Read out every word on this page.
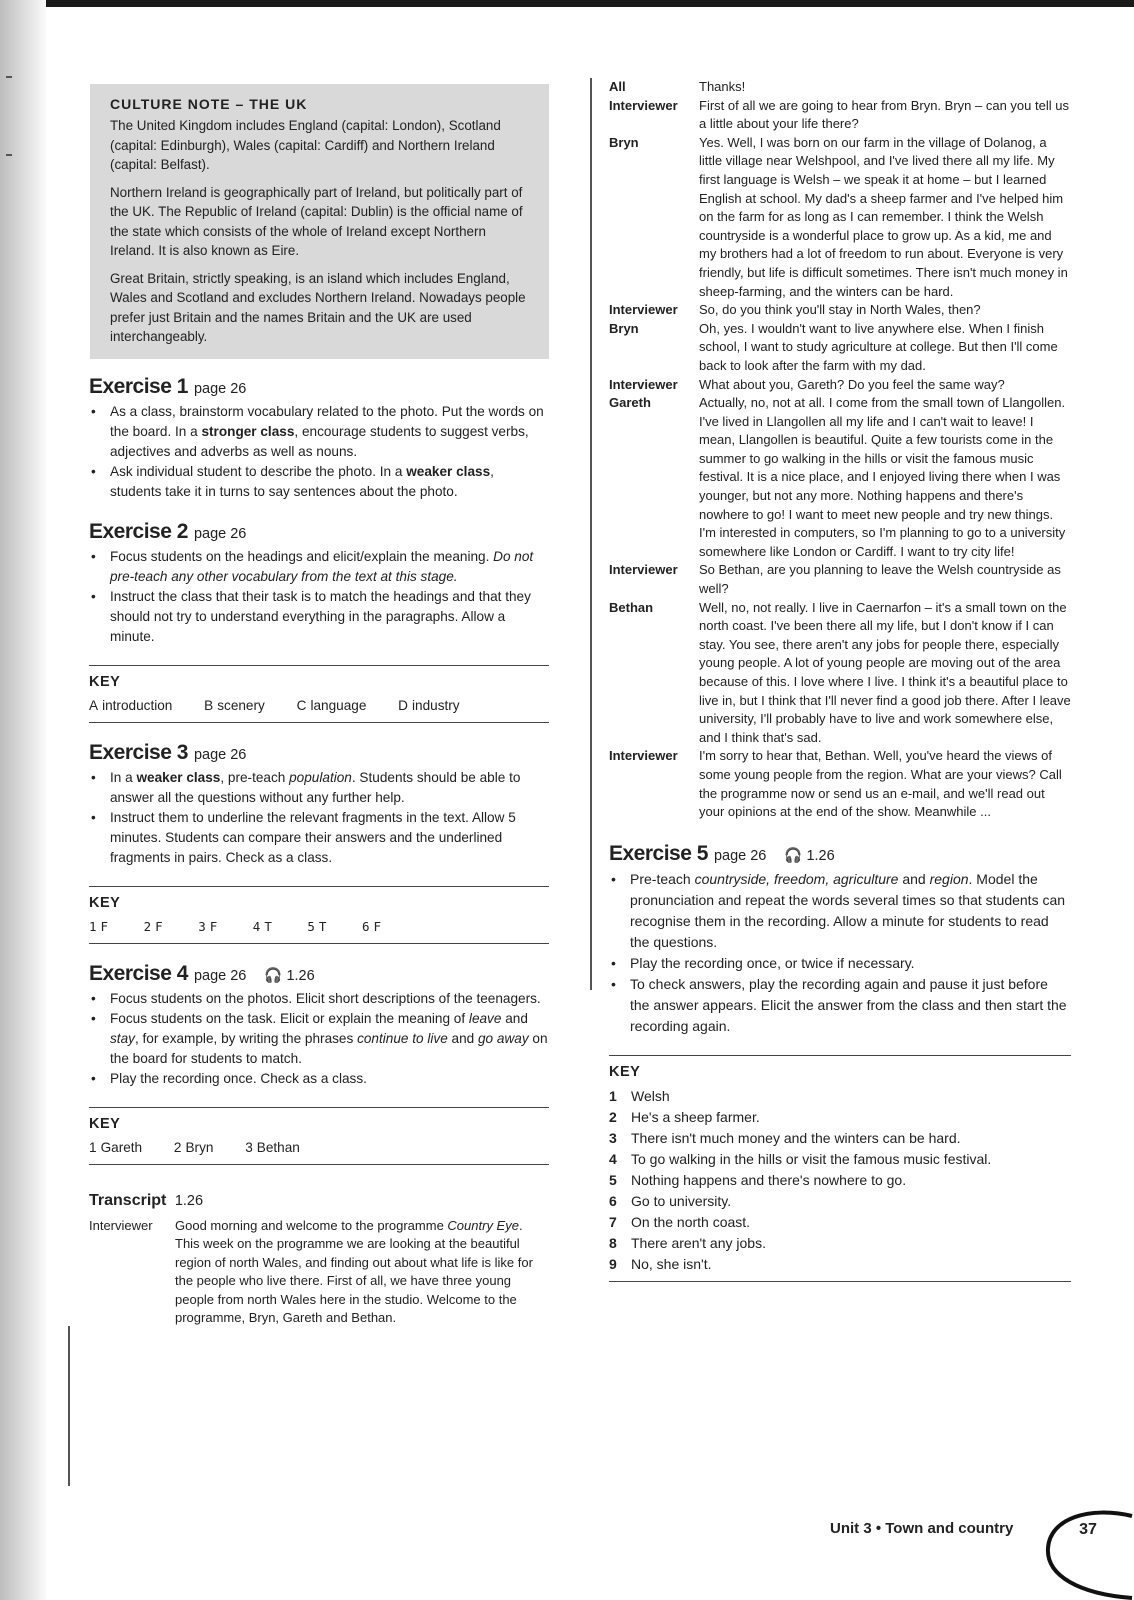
CULTURE NOTE – THE UK

The United Kingdom includes England (capital: London), Scotland (capital: Edinburgh), Wales (capital: Cardiff) and Northern Ireland (capital: Belfast).

Northern Ireland is geographically part of Ireland, but politically part of the UK. The Republic of Ireland (capital: Dublin) is the official name of the state which consists of the whole of Ireland except Northern Ireland. It is also known as Eire.

Great Britain, strictly speaking, is an island which includes England, Wales and Scotland and excludes Northern Ireland. Nowadays people prefer just Britain and the names Britain and the UK are used interchangeably.

Exercise 1 page 26
• As a class, brainstorm vocabulary related to the photo. Put the words on the board. In a stronger class, encourage students to suggest verbs, adjectives and adverbs as well as nouns.
• Ask individual student to describe the photo. In a weaker class, students take it in turns to say sentences about the photo.
Exercise 2 page 26
• Focus students on the headings and elicit/explain the meaning. Do not pre-teach any other vocabulary from the text at this stage.
• Instruct the class that their task is to match the headings and that they should not try to understand everything in the paragraphs. Allow a minute.
KEY
A introduction B scenery C language D industry
Exercise 3 page 26
• In a weaker class, pre-teach population. Students should be able to answer all the questions without any further help.
• Instruct them to underline the relevant fragments in the text. Allow 5 minutes. Students can compare their answers and the underlined fragments in pairs. Check as a class.
KEY
1 F	2 F	3 F	4 T	5 T	6 F
Exercise 4 page 26 🎧 1.26
• Focus students on the photos. Elicit short descriptions of the teenagers.
• Focus students on the task. Elicit or explain the meaning of leave and stay, for example, by writing the phrases continue to live and go away on the board for students to match.
• Play the recording once. Check as a class.
KEY
1 Gareth 2 Bryn 3 Bethan
Transcript 1.26
Interviewer	Good morning and welcome to the programme Country Eye. This week on the programme we are looking at the beautiful region of north Wales, and finding out about what life is like for the people who live there. First of all, we have three young people from north Wales here in the studio. Welcome to the programme, Bryn, Gareth and Bethan.
All	Thanks!
Interviewer	First of all we are going to hear from Bryn. Bryn – can you tell us a little about your life there?
Bryn	Yes. Well, I was born on our farm in the village of Dolanog, a little village near Welshpool, and I've lived there all my life. My first language is Welsh – we speak it at home – but I learned English at school. My dad's a sheep farmer and I've helped him on the farm for as long as I can remember. I think the Welsh countryside is a wonderful place to grow up. As a kid, me and my brothers had a lot of freedom to run about. Everyone is very friendly, but life is difficult sometimes. There isn't much money in sheep-farming, and the winters can be hard.
Interviewer	So, do you think you'll stay in North Wales, then?
Bryn	Oh, yes. I wouldn't want to live anywhere else. When I finish school, I want to study agriculture at college. But then I'll come back to look after the farm with my dad.
Interviewer	What about you, Gareth? Do you feel the same way?
Gareth	Actually, no, not at all. I come from the small town of Llangollen. I've lived in Llangollen all my life and I can't wait to leave! I mean, Llangollen is beautiful. Quite a few tourists come in the summer to go walking in the hills or visit the famous music festival. It is a nice place, and I enjoyed living there when I was younger, but not any more. Nothing happens and there's nowhere to go! I want to meet new people and try new things. I'm interested in computers, so I'm planning to go to a university somewhere like London or Cardiff. I want to try city life!
Interviewer	So Bethan, are you planning to leave the Welsh countryside as well?
Bethan	Well, no, not really. I live in Caernarfon – it's a small town on the north coast. I've been there all my life, but I don't know if I can stay. You see, there aren't any jobs for people there, especially young people. A lot of young people are moving out of the area because of this. I love where I live. I think it's a beautiful place to live in, but I think that I'll never find a good job there. After I leave university, I'll probably have to live and work somewhere else, and I think that's sad.
Interviewer	I'm sorry to hear that, Bethan. Well, you've heard the views of some young people from the region. What are your views? Call the programme now or send us an e-mail, and we'll read out your opinions at the end of the show. Meanwhile ...
Exercise 5 page 26 🎧 1.26
• Pre-teach countryside, freedom, agriculture and region. Model the pronunciation and repeat the words several times so that students can recognise them in the recording. Allow a minute for students to read the questions.
• Play the recording once, or twice if necessary.
• To check answers, play the recording again and pause it just before the answer appears. Elicit the answer from the class and then start the recording again.
KEY
1 Welsh
2 He's a sheep farmer.
3 There isn't much money and the winters can be hard.
4 To go walking in the hills or visit the famous music festival.
5 Nothing happens and there's nowhere to go.
6 Go to university.
7 On the north coast.
8 There aren't any jobs.
9 No, she isn't.
Unit 3 • Town and country	37
